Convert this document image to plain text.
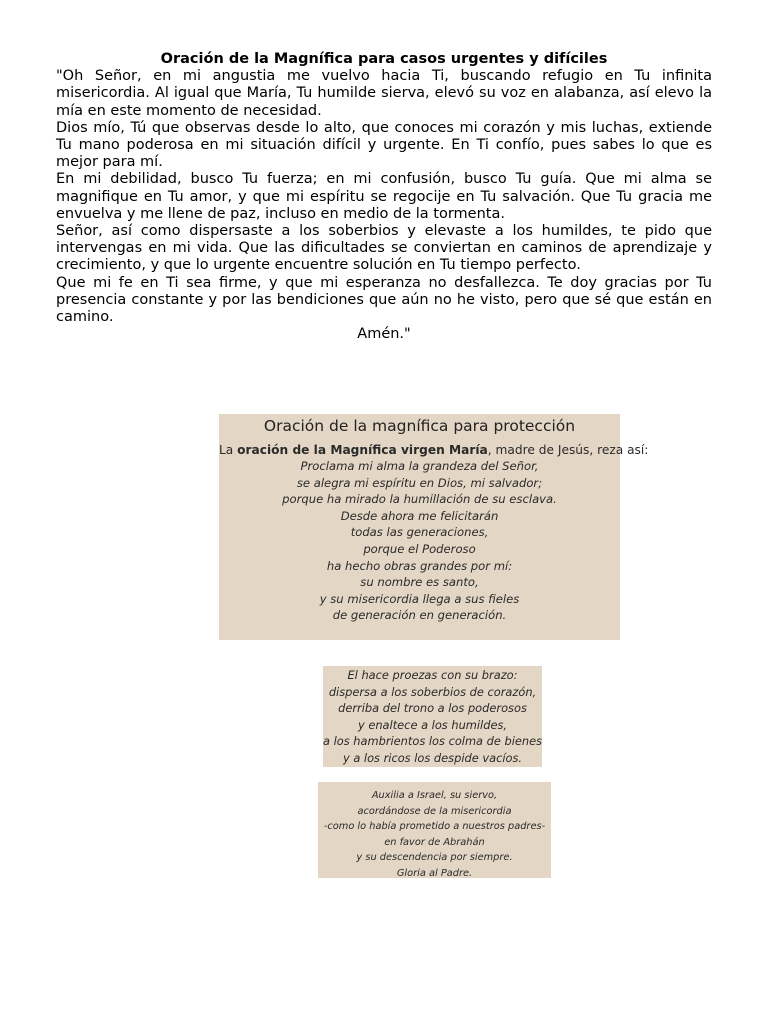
Oración de la Magnífica para casos urgentes y difíciles

"Oh Señor, en mi angustia me vuelvo hacia Ti, buscando refugio en Tu infinita misericordia. Al igual que María, Tu humilde sierva, elevó su voz en alabanza, así elevo la mía en este momento de necesidad.

Dios mío, Tú que observas desde lo alto, que conoces mi corazón y mis luchas, extiende Tu mano poderosa en mi situación difícil y urgente. En Ti confío, pues sabes lo que es mejor para mí.

En mi debilidad, busco Tu fuerza; en mi confusión, busco Tu guía. Que mi alma se magnifique en Tu amor, y que mi espíritu se regocije en Tu salvación. Que Tu gracia me envuelva y me llene de paz, incluso en medio de la tormenta.

Señor, así como dispersaste a los soberbios y elevaste a los humildes, te pido que intervengas en mi vida. Que las dificultades se conviertan en caminos de aprendizaje y crecimiento, y que lo urgente encuentre solución en Tu tiempo perfecto.

Que mi fe en Ti sea firme, y que mi esperanza no desfallezca. Te doy gracias por Tu presencia constante y por las bendiciones que aún no he visto, pero que sé que están en camino.

Amén."

Oración de la magnífica para protección
La oración de la Magnífica virgen María, madre de Jesús, reza así:
Proclama mi alma la grandeza del Señor,
se alegra mi espíritu en Dios, mi salvador;
porque ha mirado la humillación de su esclava.
Desde ahora me felicitarán
todas las generaciones,
porque el Poderoso
ha hecho obras grandes por mí:
su nombre es santo,
y su misericordia llega a sus fieles
de generación en generación.
El hace proezas con su brazo:
dispersa a los soberbios de corazón,
derriba del trono a los poderosos
y enaltece a los humildes,
a los hambrientos los colma de bienes
y a los ricos los despide vacíos.
Auxilia a Israel, su siervo,
acordándose de la misericordia
-como lo había prometido a nuestros padres-
en favor de Abrahán
y su descendencia por siempre.
Gloria al Padre.
